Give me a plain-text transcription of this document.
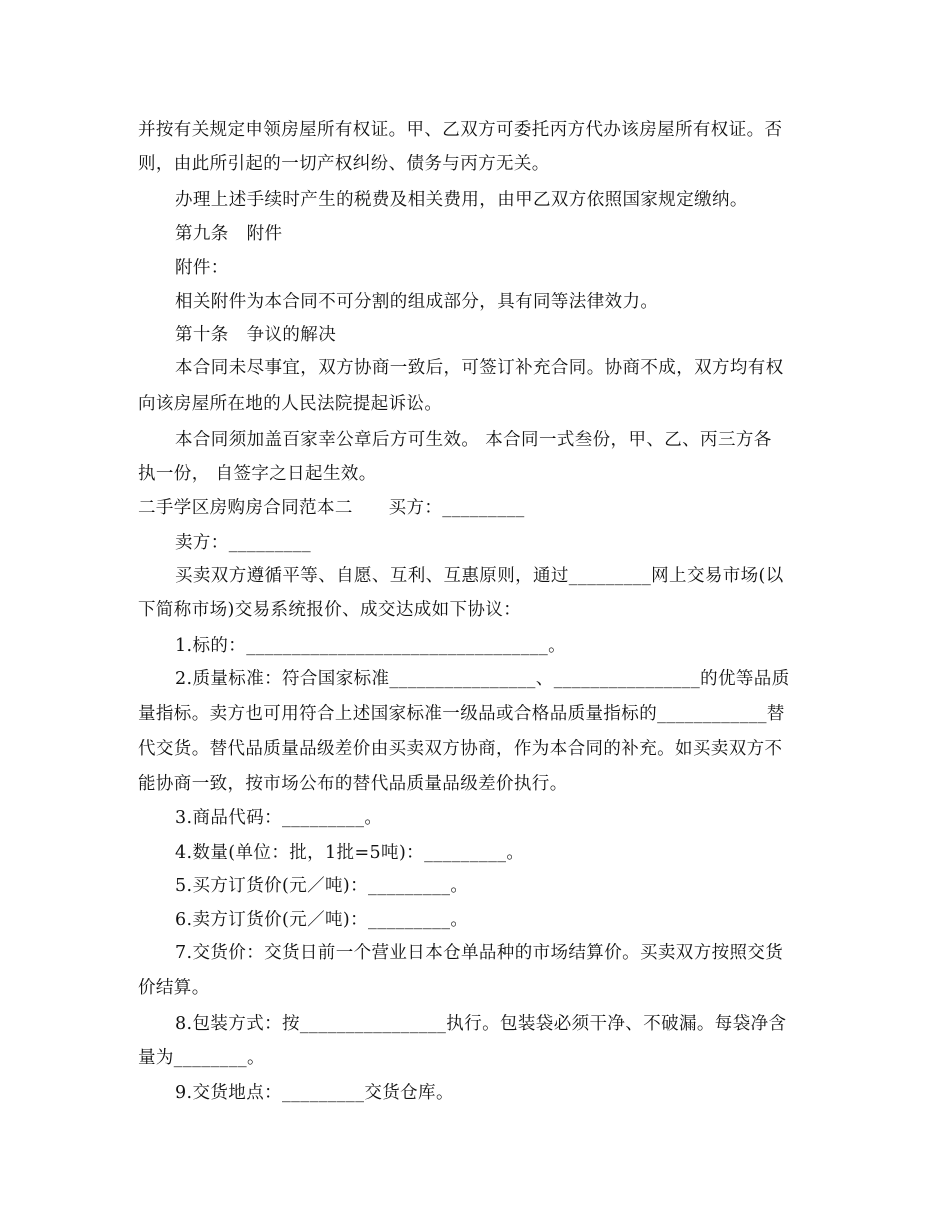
并按有关规定申领房屋所有权证。甲、乙双方可委托丙方代办该房屋所有权证。否
则，由此所引起的一切产权纠纷、债务与丙方无关。
办理上述手续时产生的税费及相关费用，由甲乙双方依照国家规定缴纳。
第九条　附件
附件：
相关附件为本合同不可分割的组成部分，具有同等法律效力。
第十条　争议的解决
本合同未尽事宜，双方协商一致后，可签订补充合同。协商不成，双方均有权
向该房屋所在地的人民法院提起诉讼。
本合同须加盖百家幸公章后方可生效。 本合同一式叁份，甲、乙、丙三方各
执一份， 自签字之日起生效。
二手学区房购房合同范本二　　买方：_________
卖方：_________
买卖双方遵循平等、自愿、互利、互惠原则，通过_________网上交易市场(以
下简称市场)交易系统报价、成交达成如下协议：
1.标的：_________________________________。
2.质量标准：符合国家标准________________、________________的优等品质
量指标。卖方也可用符合上述国家标准一级品或合格品质量指标的____________替
代交货。替代品质量品级差价由买卖双方协商，作为本合同的补充。如买卖双方不
能协商一致，按市场公布的替代品质量品级差价执行。
3.商品代码：_________。
4.数量(单位：批，1批=5吨)：_________。
5.买方订货价(元／吨)：_________。
6.卖方订货价(元／吨)：_________。
7.交货价：交货日前一个营业日本仓单品种的市场结算价。买卖双方按照交货
价结算。
8.包装方式：按________________执行。包装袋必须干净、不破漏。每袋净含
量为________。
9.交货地点：_________交货仓库。
